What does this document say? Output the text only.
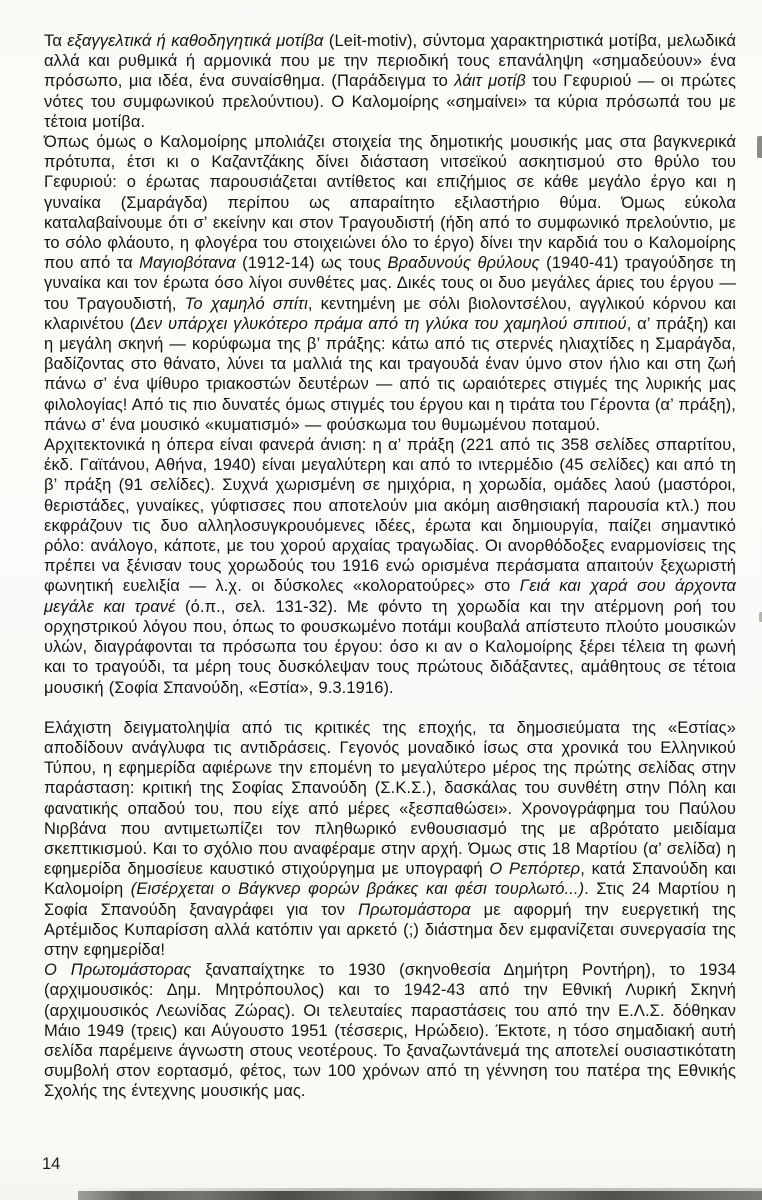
Τα εξαγγελτικά ή καθοδηγητικά μοτίβα (Leit-motiv), σύντομα χαρακτηριστικά μοτίβα, μελωδικά αλλά και ρυθμικά ή αρμονικά που με την περιοδική τους επανάληψη «σημαδεύουν» ένα πρόσωπο, μια ιδέα, ένα συναίσθημα. (Παράδειγμα το λάιτ μοτίβ του Γεφυριού — οι πρώτες νότες του συμφωνικού πρελούντιου). Ο Καλομοίρης «σημαίνει» τα κύρια πρόσωπά του με τέτοια μοτίβα.

Όπως όμως ο Καλομοίρης μπολιάζει στοιχεία της δημοτικής μουσικής μας στα βαγκνερικά πρότυπα, έτσι κι ο Καζαντζάκης δίνει διάσταση νιτσεϊκού ασκητισμού στο θρύλο του Γεφυριού: ο έρωτας παρουσιάζεται αντίθετος και επιζήμιος σε κάθε μεγάλο έργο και η γυναίκα (Σμαράγδα) περίπου ως απαραίτητο εξιλαστήριο θύμα. Όμως εύκολα καταλαβαίνουμε ότι σ’ εκείνην και στον Τραγουδιστή (ήδη από το συμφωνικό πρελούντιο, με το σόλο φλάουτο, η φλογέρα του στοιχειώνει όλο το έργο) δίνει την καρδιά του ο Καλομοίρης που από τα Μαγιοβότανα (1912-14) ως τους Βραδυνούς θρύλους (1940-41) τραγούδησε τη γυναίκα και τον έρωτα όσο λίγοι συνθέτες μας. Δικές τους οι δυο μεγάλες άριες του έργου — του Τραγουδιστή, Το χαμηλό σπίτι, κεντημένη με σόλι βιολοντσέλου, αγγλικού κόρνου και κλαρινέτου (Δεν υπάρχει γλυκότερο πράμα από τη γλύκα του χαμηλού σπιτιού, α’ πράξη) και η μεγάλη σκηνή — κορύφωμα της β’ πράξης: κάτω από τις στερνές ηλιαχτίδες η Σμαράγδα, βαδίζοντας στο θάνατο, λύνει τα μαλλιά της και τραγουδά έναν ύμνο στον ήλιο και στη ζωή πάνω σ’ ένα ψίθυρο τριακοστών δευτέρων — από τις ωραιότερες στιγμές της λυρικής μας φιλολογίας! Από τις πιο δυνατές όμως στιγμές του έργου και η τιράτα του Γέροντα (α’ πράξη), πάνω σ’ ένα μουσικό «κυματισμό» — φούσκωμα του θυμωμένου ποταμού.

Αρχιτεκτονικά η όπερα είναι φανερά άνιση: η α’ πράξη (221 από τις 358 σελίδες σπαρτίτου, έκδ. Γαϊτάνου, Αθήνα, 1940) είναι μεγαλύτερη και από το ιντερμέδιο (45 σελίδες) και από τη β’ πράξη (91 σελίδες). Συχνά χωρισμένη σε ημιχόρια, η χορωδία, ομάδες λαού (μαστόροι, θεριστάδες, γυναίκες, γύφτισσες που αποτελούν μια ακόμη αισθησιακή παρουσία κτλ.) που εκφράζουν τις δυο αλληλοσυγκρουόμενες ιδέες, έρωτα και δημιουργία, παίζει σημαντικό ρόλο: ανάλογο, κάποτε, με του χορού αρχαίας τραγωδίας. Οι ανορθόδοξες εναρμονίσεις της πρέπει να ξένισαν τους χορωδούς του 1916 ενώ ορισμένα περάσματα απαιτούν ξεχωριστή φωνητική ευελιξία — λ.χ. οι δύσκολες «κολορατούρες» στο Γειά και χαρά σου άρχοντα μεγάλε και τρανέ (ό.π., σελ. 131-32). Με φόντο τη χορωδία και την ατέρμονη ροή του ορχηστρικού λόγου που, όπως το φουσκωμένο ποτάμι κουβαλά απίστευτο πλούτο μουσικών υλών, διαγράφονται τα πρόσωπα του έργου: όσο κι αν ο Καλομοίρης ξέρει τέλεια τη φωνή και το τραγούδι, τα μέρη τους δυσκόλεψαν τους πρώτους διδάξαντες, αμάθητους σε τέτοια μουσική (Σοφία Σπανούδη, «Εστία», 9.3.1916).

Ελάχιστη δειγματοληψία από τις κριτικές της εποχής, τα δημοσιεύματα της «Εστίας» αποδίδουν ανάγλυφα τις αντιδράσεις. Γεγονός μοναδικό ίσως στα χρονικά του Ελληνικού Τύπου, η εφημερίδα αφιέρωνε την επομένη το μεγαλύτερο μέρος της πρώτης σελίδας στην παράσταση: κριτική της Σοφίας Σπανούδη (Σ.Κ.Σ.), δασκάλας του συνθέτη στην Πόλη και φανατικής οπαδού του, που είχε από μέρες «ξεσπαθώσει». Χρονογράφημα του Παύλου Νιρβάνα που αντιμετωπίζει τον πληθωρικό ενθουσιασμό της με αβρότατο μειδίαμα σκεπτικισμού. Και το σχόλιο που αναφέραμε στην αρχή. Όμως στις 18 Μαρτίου (α’ σελίδα) η εφημερίδα δημοσίευε καυστικό στιχούργημα με υπογραφή Ο Ρεπόρτερ, κατά Σπανούδη και Καλομοίρη (Εισέρχεται ο Βάγκνερ φορών βράκες και φέσι τουρλωτό...). Στις 24 Μαρτίου η Σοφία Σπανούδη ξαναγράφει για τον Πρωτομάστορα με αφορμή την ευεργετική της Αρτέμιδος Κυπαρίσση αλλά κατόπιν γαι αρκετό (;) διάστημα δεν εμφανίζεται συνεργασία της στην εφημερίδα!

Ο Πρωτομάστορας ξαναπαίχτηκε το 1930 (σκηνοθεσία Δημήτρη Ροντήρη), το 1934 (αρχιμουσικός: Δημ. Μητρόπουλος) και το 1942-43 από την Εθνική Λυρική Σκηνή (αρχιμουσικός Λεωνίδας Ζώρας). Οι τελευταίες παραστάσεις του από την Ε.Λ.Σ. δόθηκαν Μάιο 1949 (τρεις) και Αύγουστο 1951 (τέσσερις, Ηρώδειο). Έκτοτε, η τόσο σημαδιακή αυτή σελίδα παρέμεινε άγνωστη στους νεοτέρους. Το ξαναζωντάνεμά της αποτελεί ουσιαστικότατη συμβολή στον εορτασμό, φέτος, των 100 χρόνων από τη γέννηση του πατέρα της Εθνικής Σχολής της έντεχνης μουσικής μας.

14
